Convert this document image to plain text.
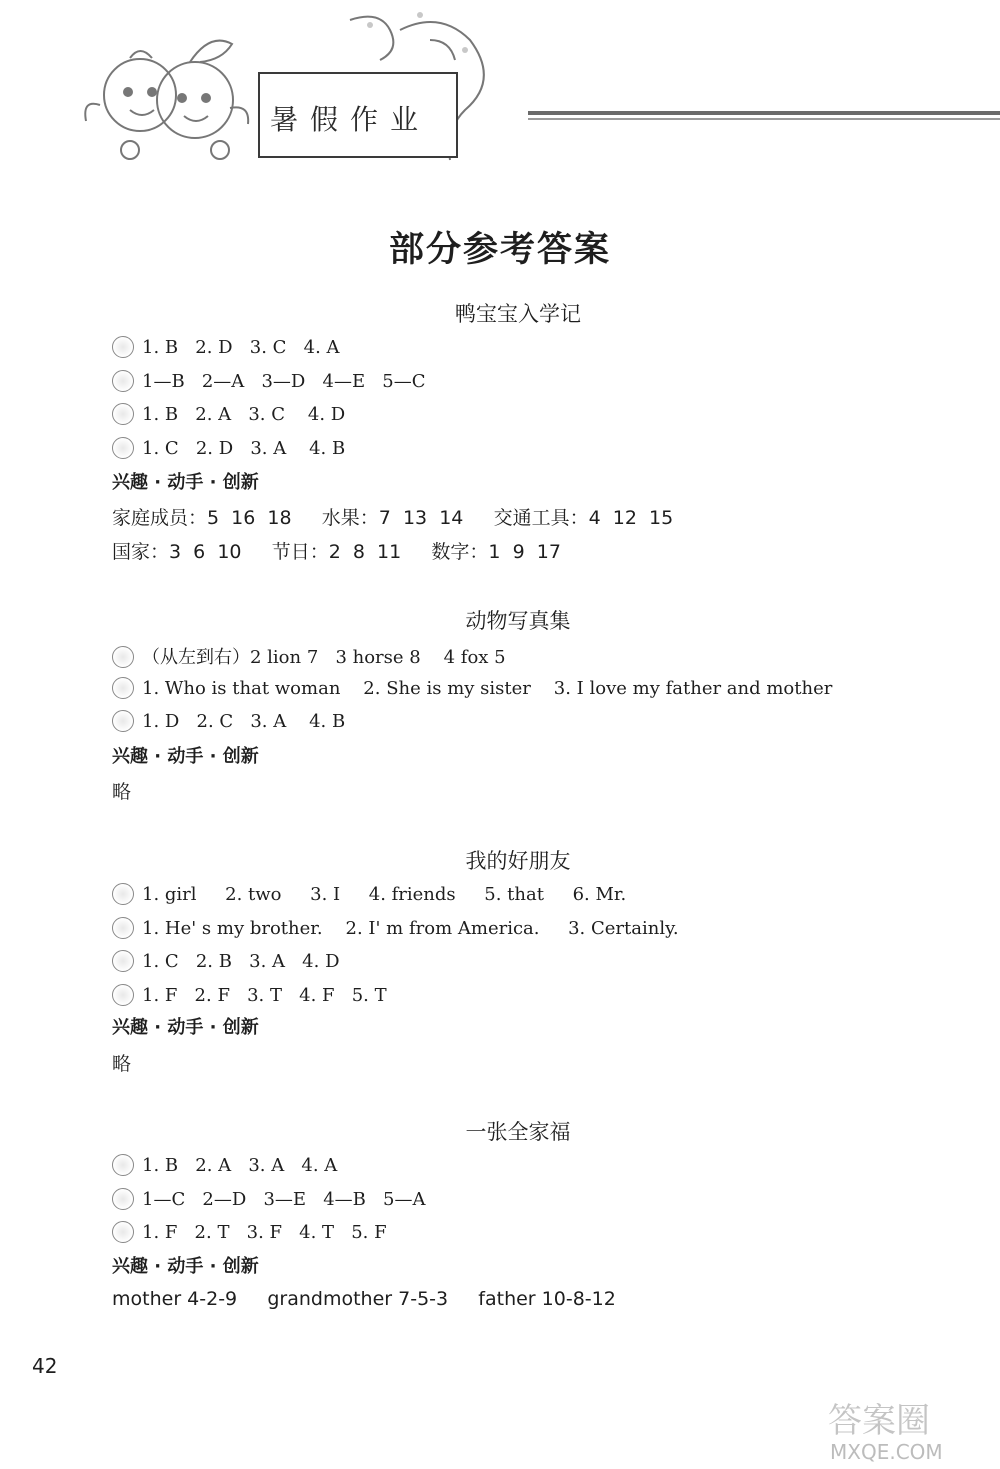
暑假作业
部分参考答案
鸭宝宝入学记
1. B   2. D   3. C   4. A
1—B   2—A   3—D   4—E   5—C
1. B   2. A   3. C    4. D
1. C   2. D   3. A    4. B
兴趣 · 动手 · 创新
家庭成员：5  16  18     水果：7  13  14     交通工具：4  12  15
国家：3  6  10     节日：2  8  11     数字：1  9  17
动物写真集
（从左到右）2 lion 7   3 horse 8    4 fox 5
1. Who is that woman    2. She is my sister    3. I love my father and mother
1. D   2. C   3. A    4. B
兴趣 · 动手 · 创新
略
我的好朋友
1. girl     2. two     3. I     4. friends     5. that     6. Mr.
1. He' s my brother.    2. I' m from America.     3. Certainly.
1. C   2. B   3. A   4. D
1. F   2. F   3. T   4. F   5. T
兴趣 · 动手 · 创新
略
一张全家福
1. B   2. A   3. A   4. A
1—C   2—D   3—E   4—B   5—A
1. F   2. T   3. F   4. T   5. F
兴趣 · 动手 · 创新
mother 4-2-9     grandmother 7-5-3     father 10-8-12
42
答案圈
MXQE.COM
